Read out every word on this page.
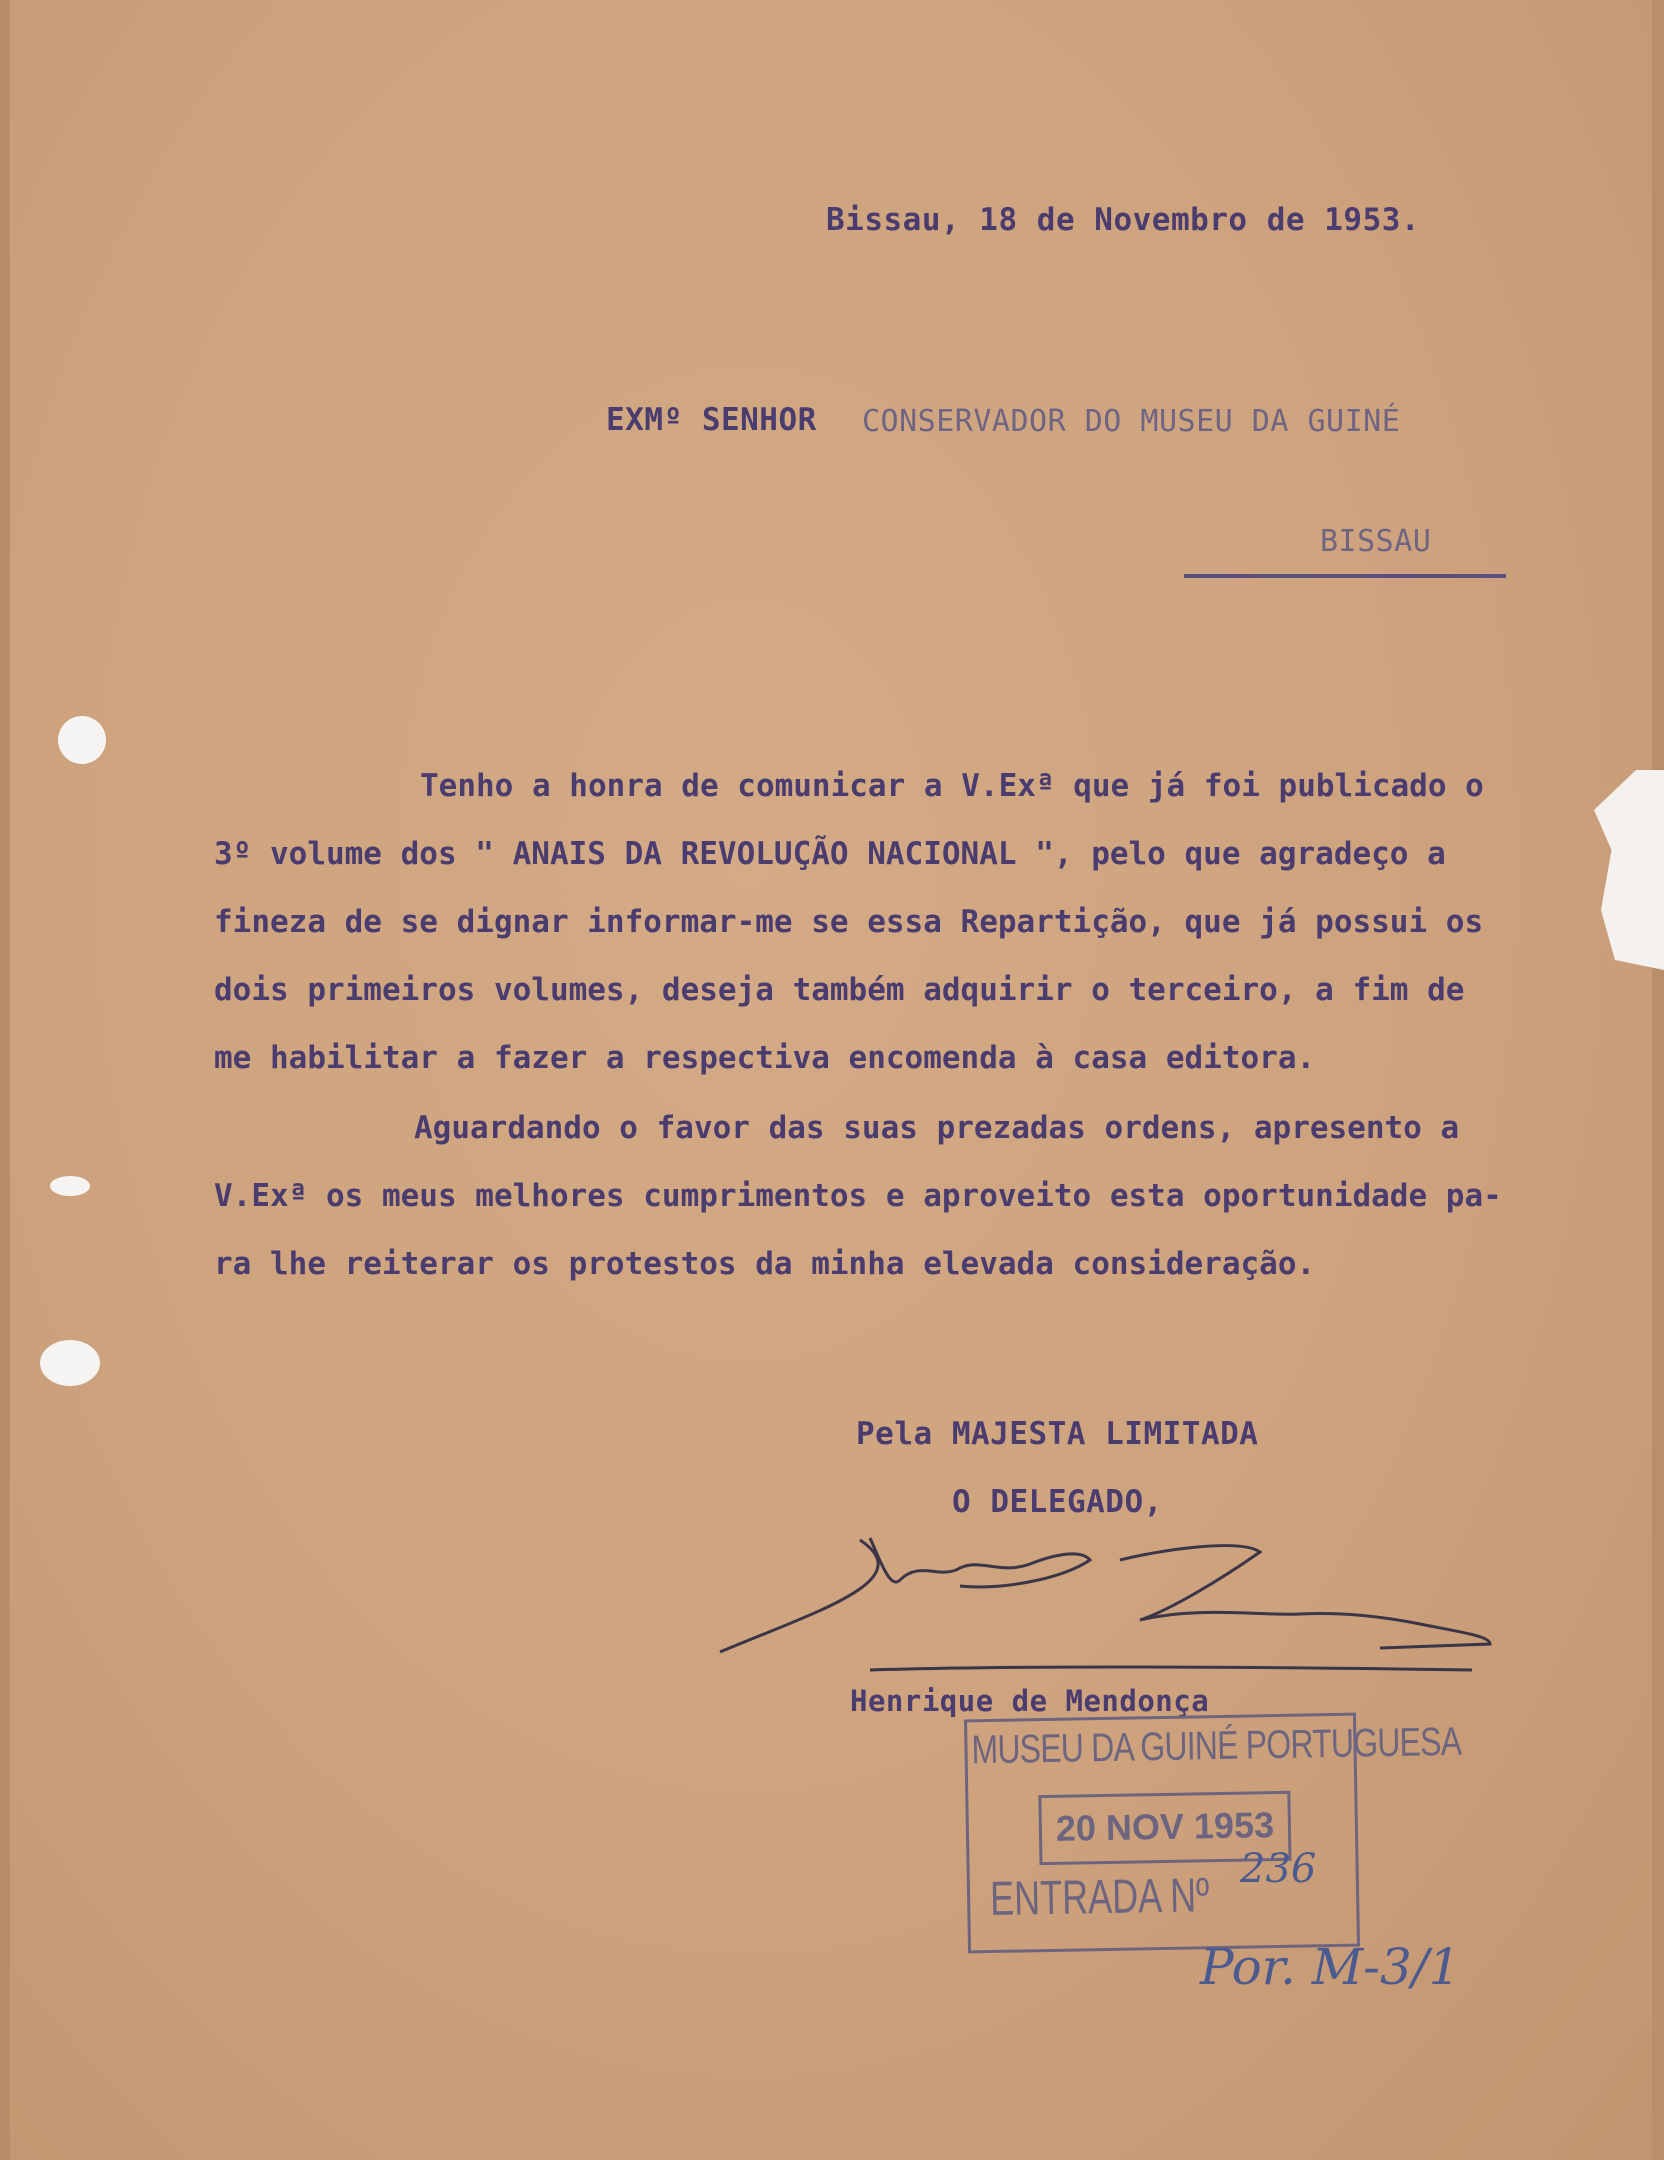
Bissau, 18 de Novembro de 1953.
EXMº SENHOR CONSERVADOR DO MUSEU DA GUINÉ
BISSAU
Tenho a honra de comunicar a V.Exª que já foi publicado o
3º volume dos " ANAIS DA REVOLUÇÃO NACIONAL ", pelo que agradeço a
fineza de se dignar informar-me se essa Repartição, que já possui os
dois primeiros volumes, deseja também adquirir o terceiro, a fim de
me habilitar a fazer a respectiva encomenda à casa editora.
Aguardando o favor das suas prezadas ordens, apresento a
V.Exª os meus melhores cumprimentos e aproveito esta oportunidade pa-
ra lhe reiterar os protestos da minha elevada consideração.
Pela MAJESTA LIMITADA
O DELEGADO,
Henrique de Mendonça
MUSEU DA GUINÉ PORTUGUESA
20 NOV 1953
ENTRADA Nº
236
Por. M-3/1
